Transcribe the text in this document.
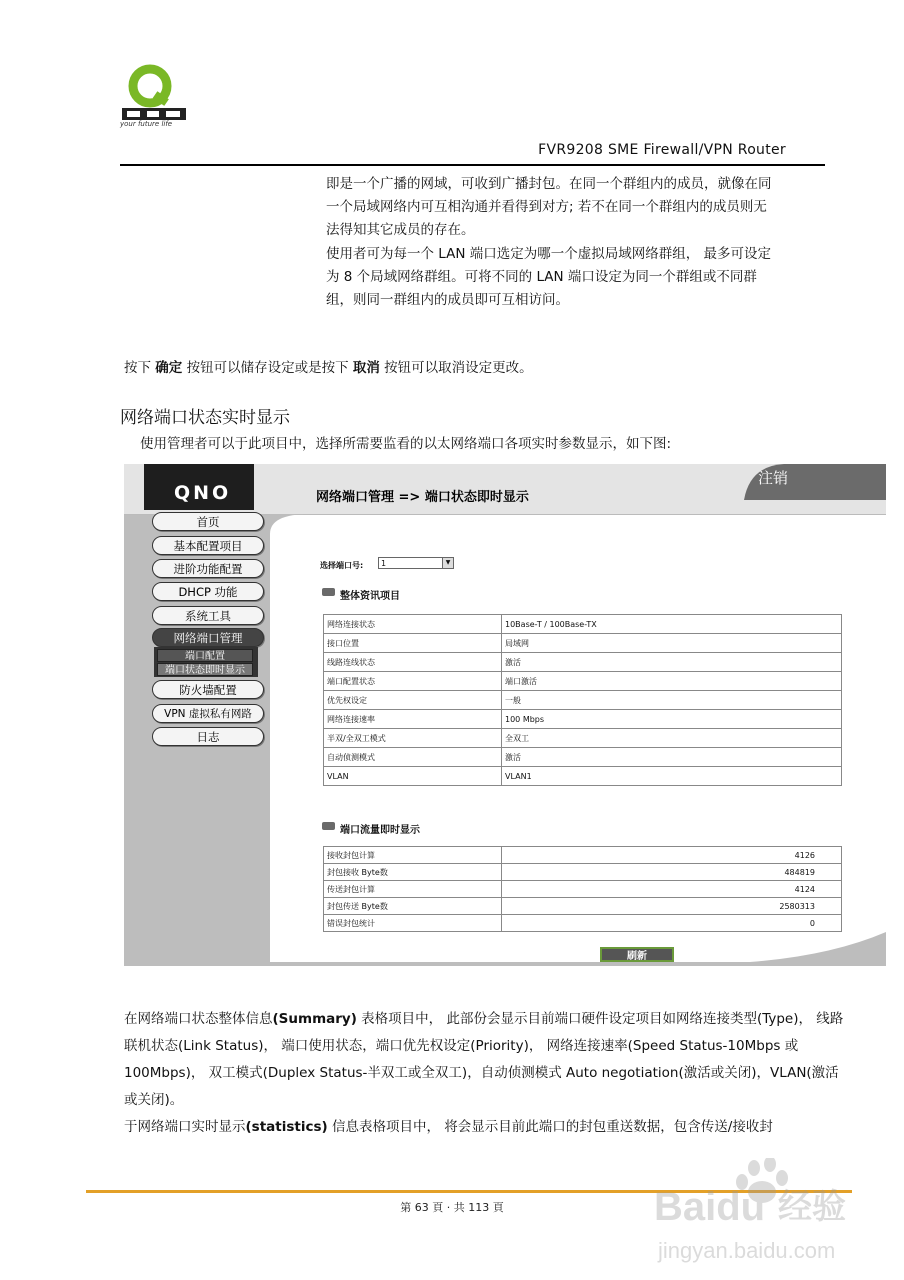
your future life
FVR9208 SME Firewall/VPN Router
即是一个广播的网域，可收到广播封包。在同一个群组内的成员，就像在同一个局域网络内可互相沟通并看得到对方; 若不在同一个群组内的成员则无法得知其它成员的存在。
使用者可为每一个 LAN 端口选定为哪一个虚拟局域网络群组， 最多可设定为 8 个局域网络群组。可将不同的 LAN 端口设定为同一个群组或不同群组，则同一群组内的成员即可互相访问。
按下 确定 按钮可以储存设定或是按下 取消 按钮可以取消设定更改。
网络端口状态实时显示
使用管理者可以于此项目中，选择所需要监看的以太网络端口各项实时参数显示，如下图:
QNO	网络端口管理 => 端口状态即时显示
注销
首页
基本配置项目
进阶功能配置
DHCP 功能
系统工具
网络端口管理
端口配置
端口状态即时显示
防火墙配置
VPN 虚拟私有网路
日志
选择端口号:	1	▼
整体资讯项目
网络连接状态	10Base-T / 100Base-TX
接口位置	局域网
线路连线状态	激活
端口配置状态	端口激活
优先权设定	一般
网络连接速率	100 Mbps
半双/全双工模式	全双工
自动侦测模式	激活
VLAN	VLAN1
端口流量即时显示
接收封包计算	4126
封包接收 Byte数	484819
传送封包计算	4124
封包传送 Byte数	2580313
错误封包统计	0
刷新
在网络端口状态整体信息(Summary) 表格项目中， 此部份会显示目前端口硬件设定项目如网络连接类型(Type)， 线路联机状态(Link Status)， 端口使用状态，端口优先权设定(Priority)， 网络连接速率(Speed Status-10Mbps 或 100Mbps)， 双工模式(Duplex Status-半双工或全双工)，自动侦测模式 Auto negotiation(激活或关闭)，VLAN(激活或关闭)。
于网络端口实时显示(statistics) 信息表格项目中， 将会显示目前此端口的封包重送数据，包含传送/接收封
第 63 頁 · 共 113 頁	Baidu 经验
jingyan.baidu.com
